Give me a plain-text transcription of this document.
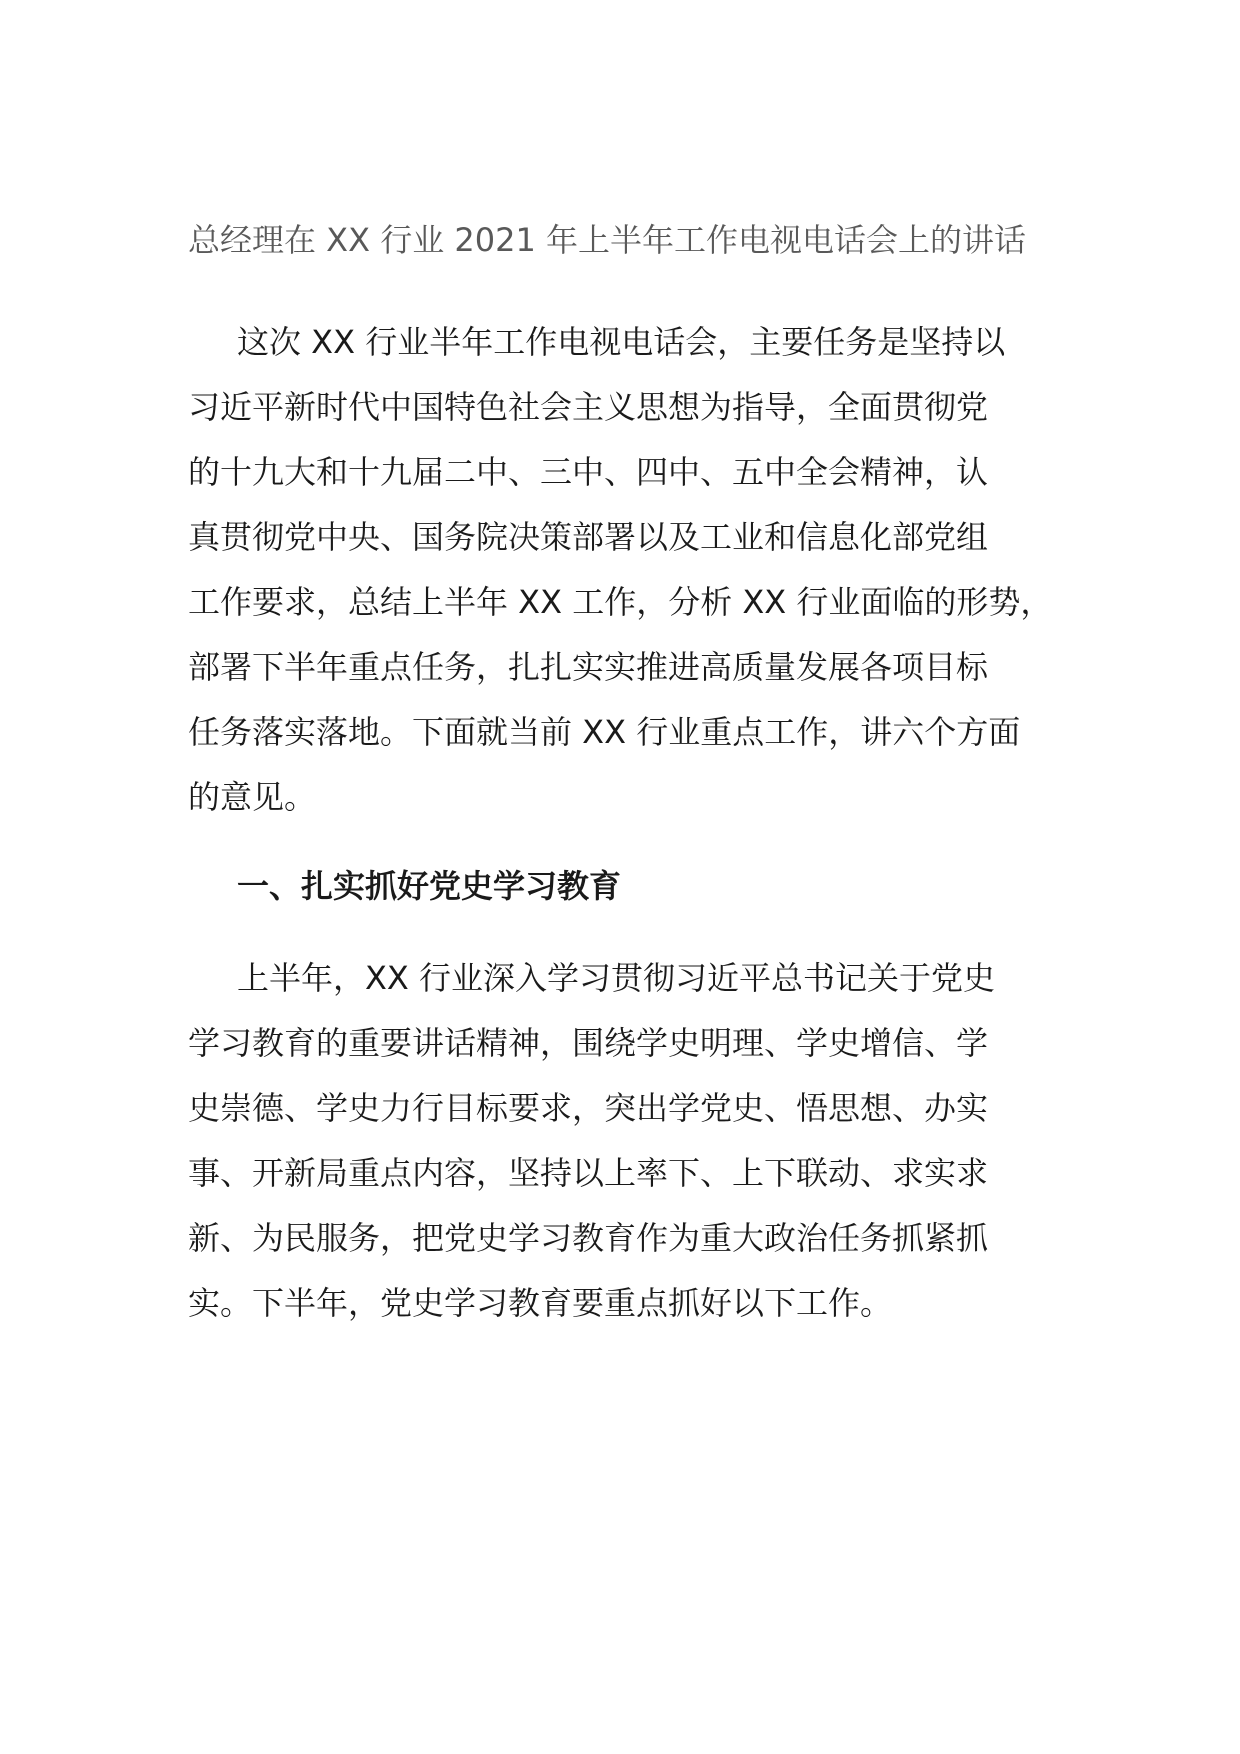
总经理在 XX 行业 2021 年上半年工作电视电话会上的讲话

这次 XX 行业半年工作电视电话会，主要任务是坚持以

习近平新时代中国特色社会主义思想为指导，全面贯彻党

的十九大和十九届二中、三中、四中、五中全会精神，认

真贯彻党中央、国务院决策部署以及工业和信息化部党组

工作要求，总结上半年 XX 工作，分析 XX 行业面临的形势，

部署下半年重点任务，扎扎实实推进高质量发展各项目标

任务落实落地。下面就当前 XX 行业重点工作，讲六个方面

的意见。

一、扎实抓好党史学习教育

上半年，XX 行业深入学习贯彻习近平总书记关于党史

学习教育的重要讲话精神，围绕学史明理、学史增信、学

史崇德、学史力行目标要求，突出学党史、悟思想、办实

事、开新局重点内容，坚持以上率下、上下联动、求实求

新、为民服务，把党史学习教育作为重大政治任务抓紧抓

实。下半年，党史学习教育要重点抓好以下工作。
